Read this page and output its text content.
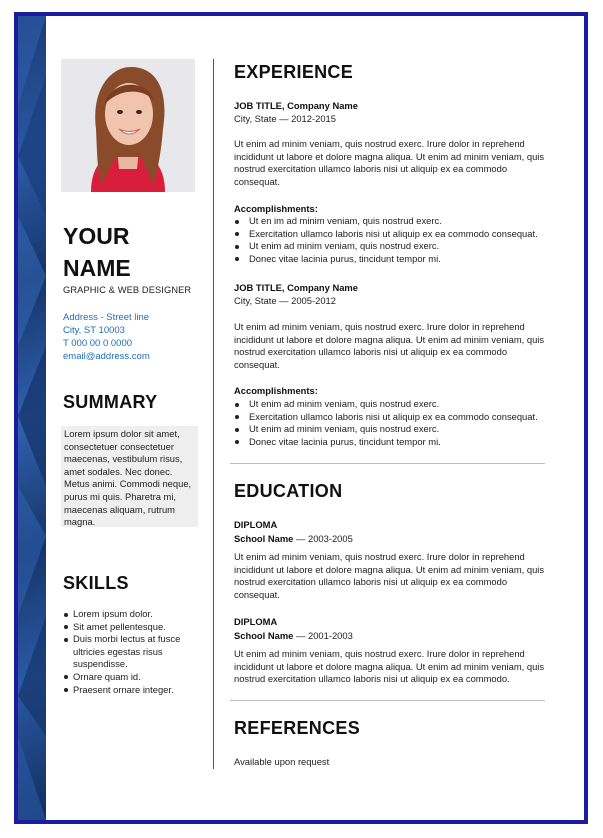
YOUR
NAME
GRAPHIC & WEB DESIGNER
Address - Street line
City, ST 10003
T 000 00 0 0000
email@address.com
SUMMARY
Lorem ipsum dolor sit amet, consectetuer consectetuer maecenas, vestibulum risus, amet sodales. Nec donec. Metus animi. Commodi neque, purus mi quis. Pharetra mi, maecenas aliquam, rutrum magna.
SKILLS
Lorem ipsum dolor.
Sit amet pellentesque.
Duis morbi lectus at fusce ultricies egestas risus suspendisse.
Ornare quam id.
Praesent ornare integer.
EXPERIENCE
JOB TITLE, Company Name
City, State — 2012-2015
Ut enim ad minim veniam, quis nostrud exerc. Irure dolor in reprehend incididunt ut labore et dolore magna aliqua. Ut enim ad minim veniam, quis nostrud exercitation ullamco laboris nisi ut aliquip ex ea commodo consequat.
Accomplishments:
Ut en im ad minim veniam, quis nostrud exerc.
Exercitation ullamco laboris nisi ut aliquip ex ea commodo consequat.
Ut enim ad minim veniam, quis nostrud exerc.
Donec vitae lacinia purus, tincidunt tempor mi.
JOB TITLE, Company Name
City, State — 2005-2012
Ut enim ad minim veniam, quis nostrud exerc. Irure dolor in reprehend incididunt ut labore et dolore magna aliqua. Ut enim ad minim veniam, quis nostrud exercitation ullamco laboris nisi ut aliquip ex ea commodo consequat.
Accomplishments:
Ut enim ad minim veniam, quis nostrud exerc.
Exercitation ullamco laboris nisi ut aliquip ex ea commodo consequat.
Ut enim ad minim veniam, quis nostrud exerc.
Donec vitae lacinia purus, tincidunt tempor mi.
EDUCATION
DIPLOMA
School Name — 2003-2005
Ut enim ad minim veniam, quis nostrud exerc. Irure dolor in reprehend incididunt ut labore et dolore magna aliqua. Ut enim ad minim veniam, quis nostrud exercitation ullamco laboris nisi ut aliquip ex ea commodo consequat.
DIPLOMA
School Name — 2001-2003
Ut enim ad minim veniam, quis nostrud exerc. Irure dolor in reprehend incididunt ut labore et dolore magna aliqua. Ut enim ad minim veniam, quis nostrud exercitation ullamco laboris nisi ut aliquip ex ea commodo.
REFERENCES
Available upon request
